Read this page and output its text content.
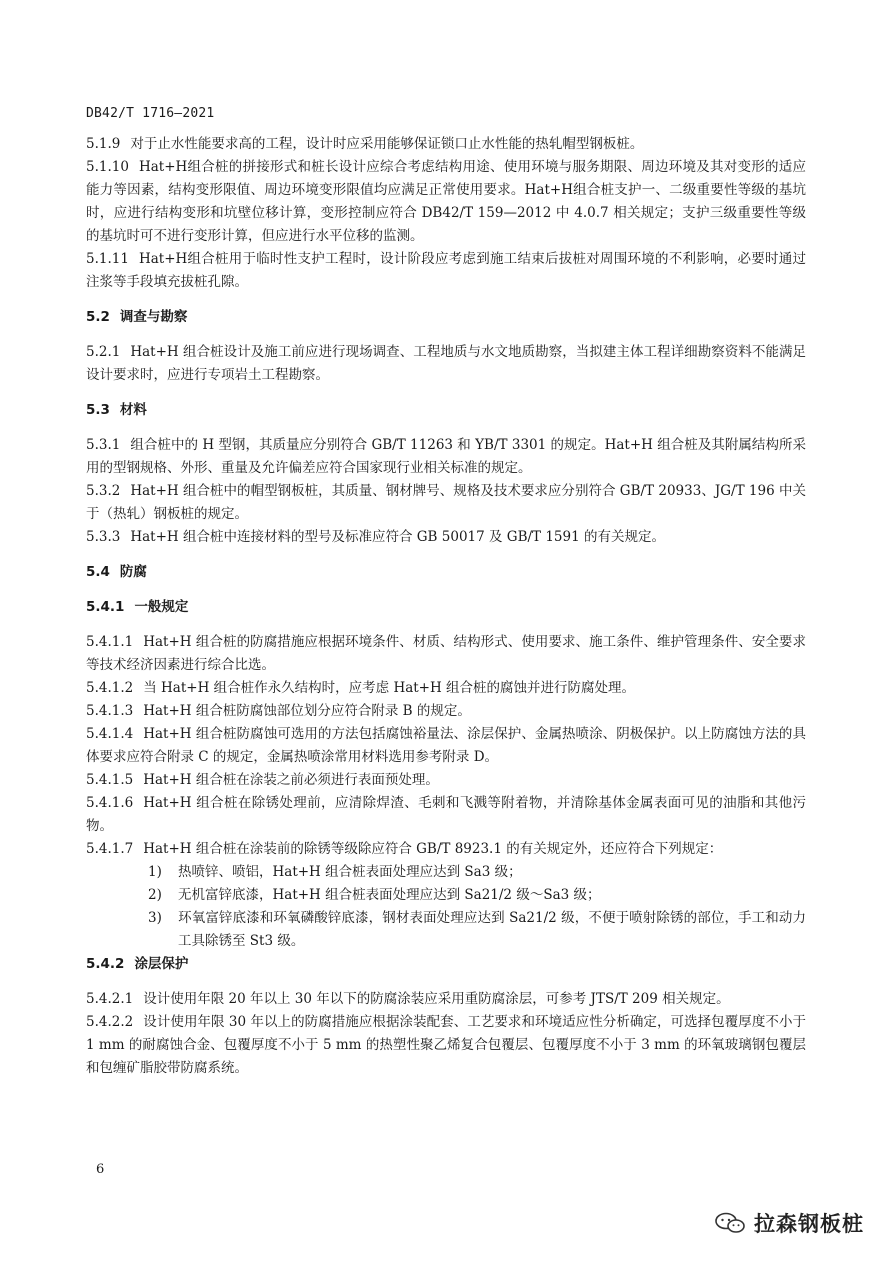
DB42/T 1716—2021

5.1.9 对于止水性能要求高的工程，设计时应采用能够保证锁口止水性能的热轧帽型钢板桩。

5.1.10 Hat+H组合桩的拼接形式和桩长设计应综合考虑结构用途、使用环境与服务期限、周边环境及其对变形的适应能力等因素，结构变形限值、周边环境变形限值均应满足正常使用要求。Hat+H组合桩支护一、二级重要性等级的基坑时，应进行结构变形和坑壁位移计算，变形控制应符合 DB42/T 159—2012 中 4.0.7 相关规定；支护三级重要性等级的基坑时可不进行变形计算，但应进行水平位移的监测。

5.1.11 Hat+H组合桩用于临时性支护工程时，设计阶段应考虑到施工结束后拔桩对周围环境的不利影响，必要时通过注浆等手段填充拔桩孔隙。

5.2 调查与勘察

5.2.1 Hat+H 组合桩设计及施工前应进行现场调查、工程地质与水文地质勘察，当拟建主体工程详细勘察资料不能满足设计要求时，应进行专项岩土工程勘察。

5.3 材料

5.3.1 组合桩中的 H 型钢，其质量应分别符合 GB/T 11263 和 YB/T 3301 的规定。Hat+H 组合桩及其附属结构所采用的型钢规格、外形、重量及允许偏差应符合国家现行业相关标准的规定。

5.3.2 Hat+H 组合桩中的帽型钢板桩，其质量、钢材牌号、规格及技术要求应分别符合 GB/T 20933、JG/T 196 中关于（热轧）钢板桩的规定。

5.3.3 Hat+H 组合桩中连接材料的型号及标准应符合 GB 50017 及 GB/T 1591 的有关规定。

5.4 防腐

5.4.1 一般规定

5.4.1.1 Hat+H 组合桩的防腐措施应根据环境条件、材质、结构形式、使用要求、施工条件、维护管理条件、安全要求等技术经济因素进行综合比选。

5.4.1.2 当 Hat+H 组合桩作永久结构时，应考虑 Hat+H 组合桩的腐蚀并进行防腐处理。

5.4.1.3 Hat+H 组合桩防腐蚀部位划分应符合附录 B 的规定。

5.4.1.4 Hat+H 组合桩防腐蚀可选用的方法包括腐蚀裕量法、涂层保护、金属热喷涂、阴极保护。以上防腐蚀方法的具体要求应符合附录 C 的规定，金属热喷涂常用材料选用参考附录 D。

5.4.1.5 Hat+H 组合桩在涂装之前必须进行表面预处理。

5.4.1.6 Hat+H 组合桩在除锈处理前，应清除焊渣、毛刺和飞溅等附着物，并清除基体金属表面可见的油脂和其他污物。

5.4.1.7 Hat+H 组合桩在涂装前的除锈等级除应符合 GB/T 8923.1 的有关规定外，还应符合下列规定：

1) 热喷锌、喷铝，Hat+H 组合桩表面处理应达到 Sa3 级；

2) 无机富锌底漆，Hat+H 组合桩表面处理应达到 Sa21/2 级～Sa3 级；

3) 环氧富锌底漆和环氧磷酸锌底漆，钢材表面处理应达到 Sa21/2 级，不便于喷射除锈的部位，手工和动力工具除锈至 St3 级。

5.4.2 涂层保护

5.4.2.1 设计使用年限 20 年以上 30 年以下的防腐涂装应采用重防腐涂层，可参考 JTS/T 209 相关规定。

5.4.2.2 设计使用年限 30 年以上的防腐措施应根据涂装配套、工艺要求和环境适应性分析确定，可选择包覆厚度不小于 1 mm 的耐腐蚀合金、包覆厚度不小于 5 mm 的热塑性聚乙烯复合包覆层、包覆厚度不小于 3 mm 的环氧玻璃钢包覆层和包缠矿脂胶带防腐系统。

6
拉森钢板桩
